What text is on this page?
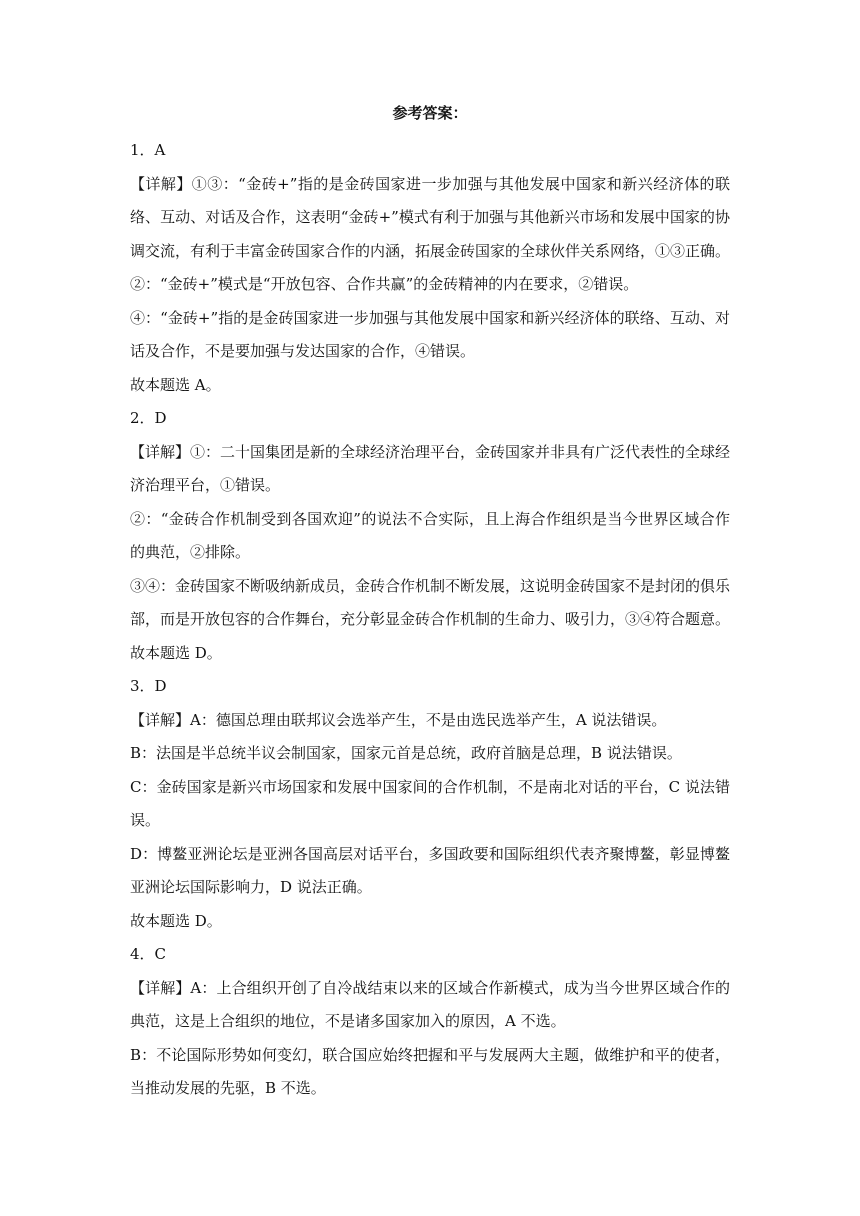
参考答案：
1．A

【详解】①③：“金砖+”指的是金砖国家进一步加强与其他发展中国家和新兴经济体的联络、互动、对话及合作，这表明“金砖+”模式有利于加强与其他新兴市场和发展中国家的协调交流，有利于丰富金砖国家合作的内涵，拓展金砖国家的全球伙伴关系网络，①③正确。

②：“金砖+”模式是“开放包容、合作共赢”的金砖精神的内在要求，②错误。

④：“金砖+”指的是金砖国家进一步加强与其他发展中国家和新兴经济体的联络、互动、对话及合作，不是要加强与发达国家的合作，④错误。

故本题选 A。

2．D

【详解】①：二十国集团是新的全球经济治理平台，金砖国家并非具有广泛代表性的全球经济治理平台，①错误。

②：“金砖合作机制受到各国欢迎”的说法不合实际，且上海合作组织是当今世界区域合作的典范，②排除。

③④：金砖国家不断吸纳新成员，金砖合作机制不断发展，这说明金砖国家不是封闭的俱乐部，而是开放包容的合作舞台，充分彰显金砖合作机制的生命力、吸引力，③④符合题意。

故本题选 D。

3．D

【详解】A：德国总理由联邦议会选举产生，不是由选民选举产生，A 说法错误。

B：法国是半总统半议会制国家，国家元首是总统，政府首脑是总理，B 说法错误。

C：金砖国家是新兴市场国家和发展中国家间的合作机制，不是南北对话的平台，C 说法错误。

D：博鳌亚洲论坛是亚洲各国高层对话平台，多国政要和国际组织代表齐聚博鳌，彰显博鳌亚洲论坛国际影响力，D 说法正确。

故本题选 D。

4．C

【详解】A：上合组织开创了自冷战结束以来的区域合作新模式，成为当今世界区域合作的典范，这是上合组织的地位，不是诸多国家加入的原因，A 不选。

B：不论国际形势如何变幻，联合国应始终把握和平与发展两大主题，做维护和平的使者，当推动发展的先驱，B 不选。
